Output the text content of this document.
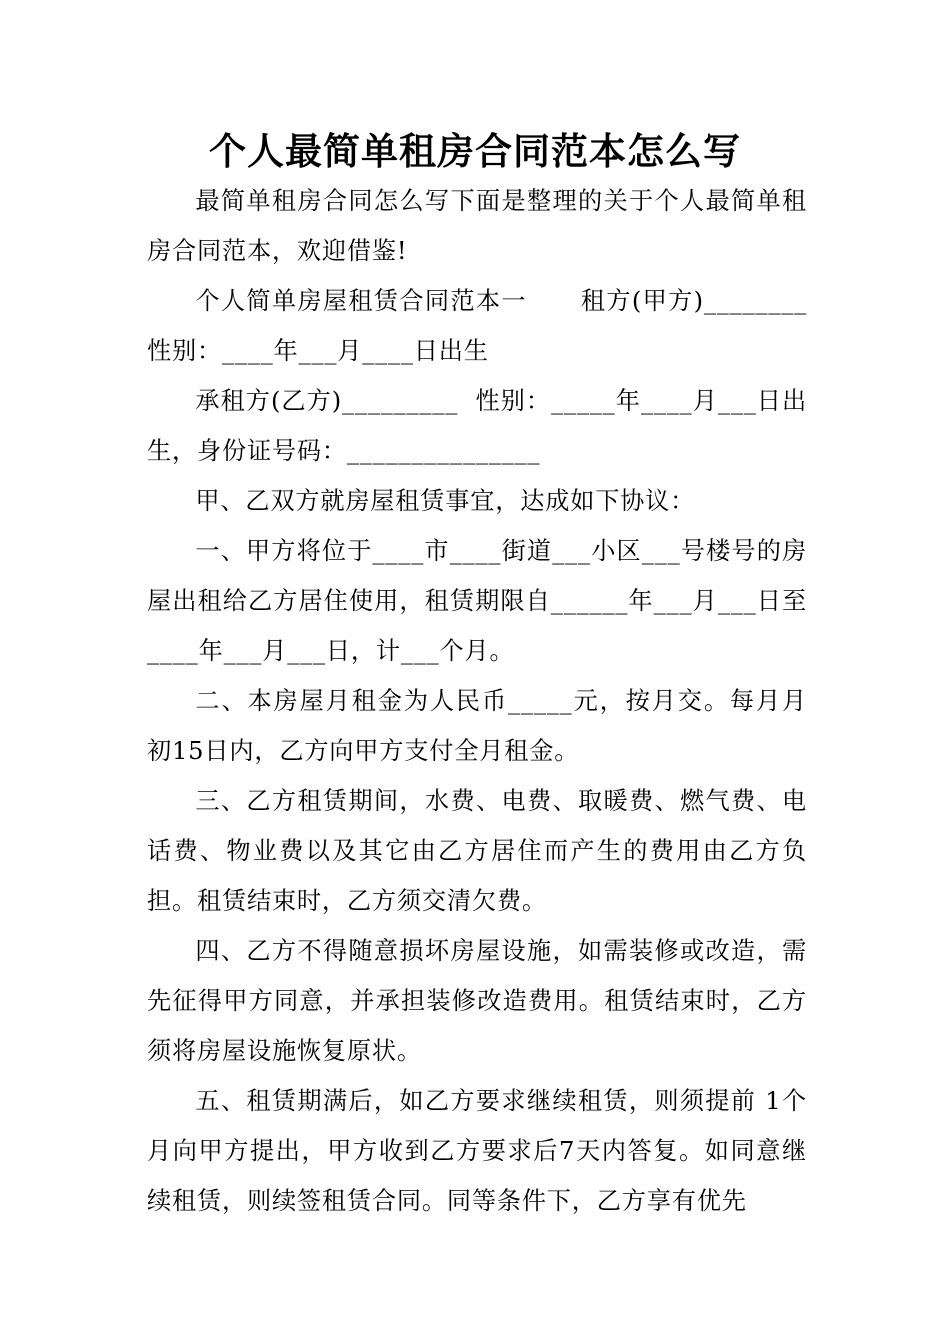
个人最简单租房合同范本怎么写

最简单租房合同怎么写下面是整理的关于个人最简单租房合同范本，欢迎借鉴!

个人简单房屋租赁合同范本一      租方(甲方)________ 性别：____年___月____日出生

承租方(乙方)_________  性别：_____年____月___日出生，身份证号码：_______________

甲、乙双方就房屋租赁事宜，达成如下协议：

一、甲方将位于____市____街道___小区___号楼号的房屋出租给乙方居住使用，租赁期限自______年___月___日至____年___月___日，计___个月。

二、本房屋月租金为人民币_____元，按月交。每月月初15日内，乙方向甲方支付全月租金。

三、乙方租赁期间，水费、电费、取暖费、燃气费、电话费、物业费以及其它由乙方居住而产生的费用由乙方负担。租赁结束时，乙方须交清欠费。

四、乙方不得随意损坏房屋设施，如需装修或改造，需先征得甲方同意，并承担装修改造费用。租赁结束时，乙方须将房屋设施恢复原状。

五、租赁期满后，如乙方要求继续租赁，则须提前 1个月向甲方提出，甲方收到乙方要求后7天内答复。如同意继续租赁，则续签租赁合同。同等条件下，乙方享有优先
